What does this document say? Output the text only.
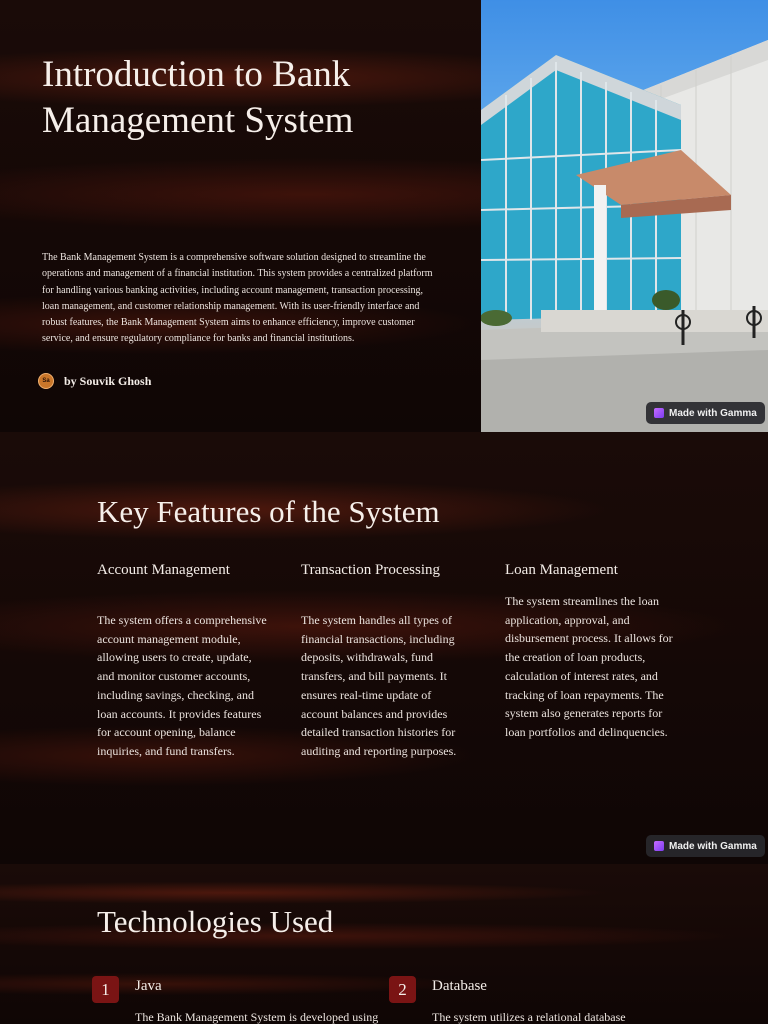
Introduction to Bank Management System

The Bank Management System is a comprehensive software solution designed to streamline the operations and management of a financial institution. This system provides a centralized platform for handling various banking activities, including account management, transaction processing, loan management, and customer relationship management. With its user-friendly interface and robust features, the Bank Management System aims to enhance efficiency, improve customer service, and ensure regulatory compliance for banks and financial institutions.

Sa	by Souvik Ghosh
Made with Gamma
Key Features of the System
Account Management

The system offers a comprehensive account management module, allowing users to create, update, and monitor customer accounts, including savings, checking, and loan accounts. It provides features for account opening, balance inquiries, and fund transfers.

Transaction Processing

The system handles all types of financial transactions, including deposits, withdrawals, fund transfers, and bill payments. It ensures real-time update of account balances and provides detailed transaction histories for auditing and reporting purposes.

Loan Management

The system streamlines the loan application, approval, and disbursement process. It allows for the creation of loan products, calculation of interest rates, and tracking of loan repayments. The system also generates reports for loan portfolios and delinquencies.

Made with Gamma
Technologies Used
1	Java
The Bank Management System is developed using
2	Database
The system utilizes a relational database
